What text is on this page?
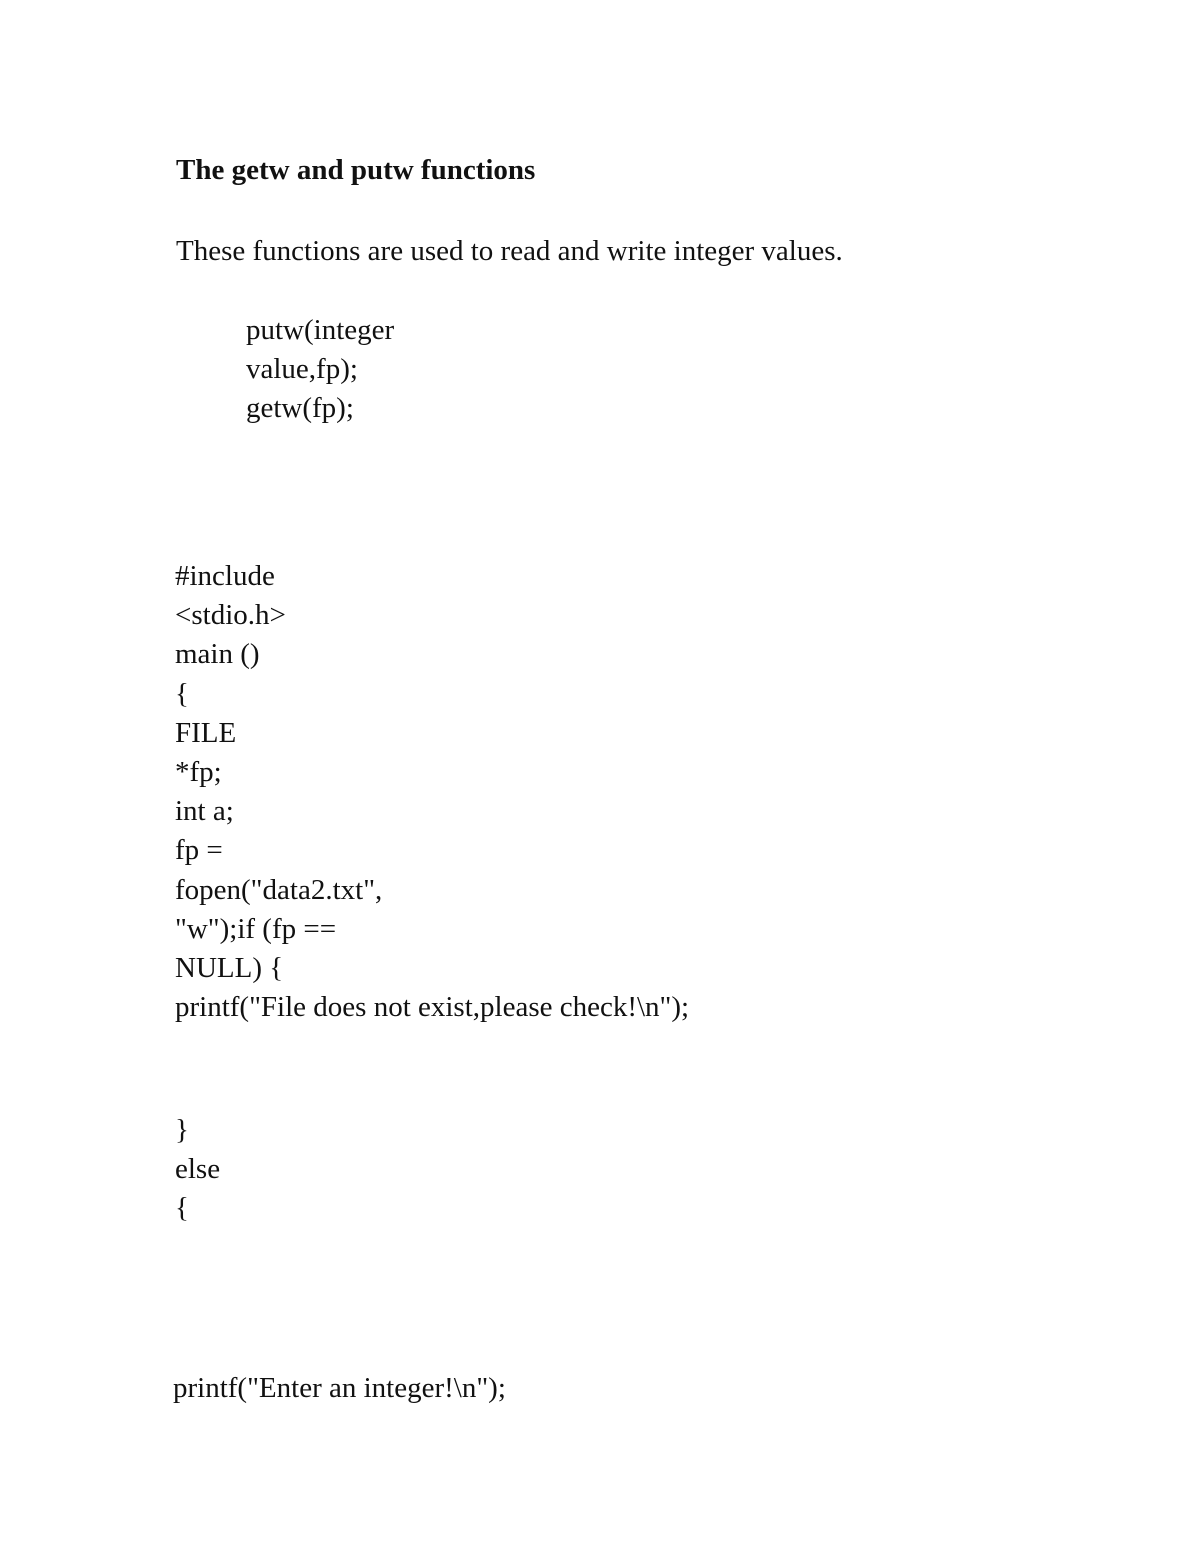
The getw and putw functions
These functions are used to read and write integer values.
putw(integer
value,fp);
getw(fp);
#include
<stdio.h>
main ()
{
FILE
*fp;
int a;
fp =
fopen("data2.txt",
"w");if (fp ==
NULL) {
printf("File does not exist,please check!\n");
}
else
{
printf("Enter an integer!\n");
